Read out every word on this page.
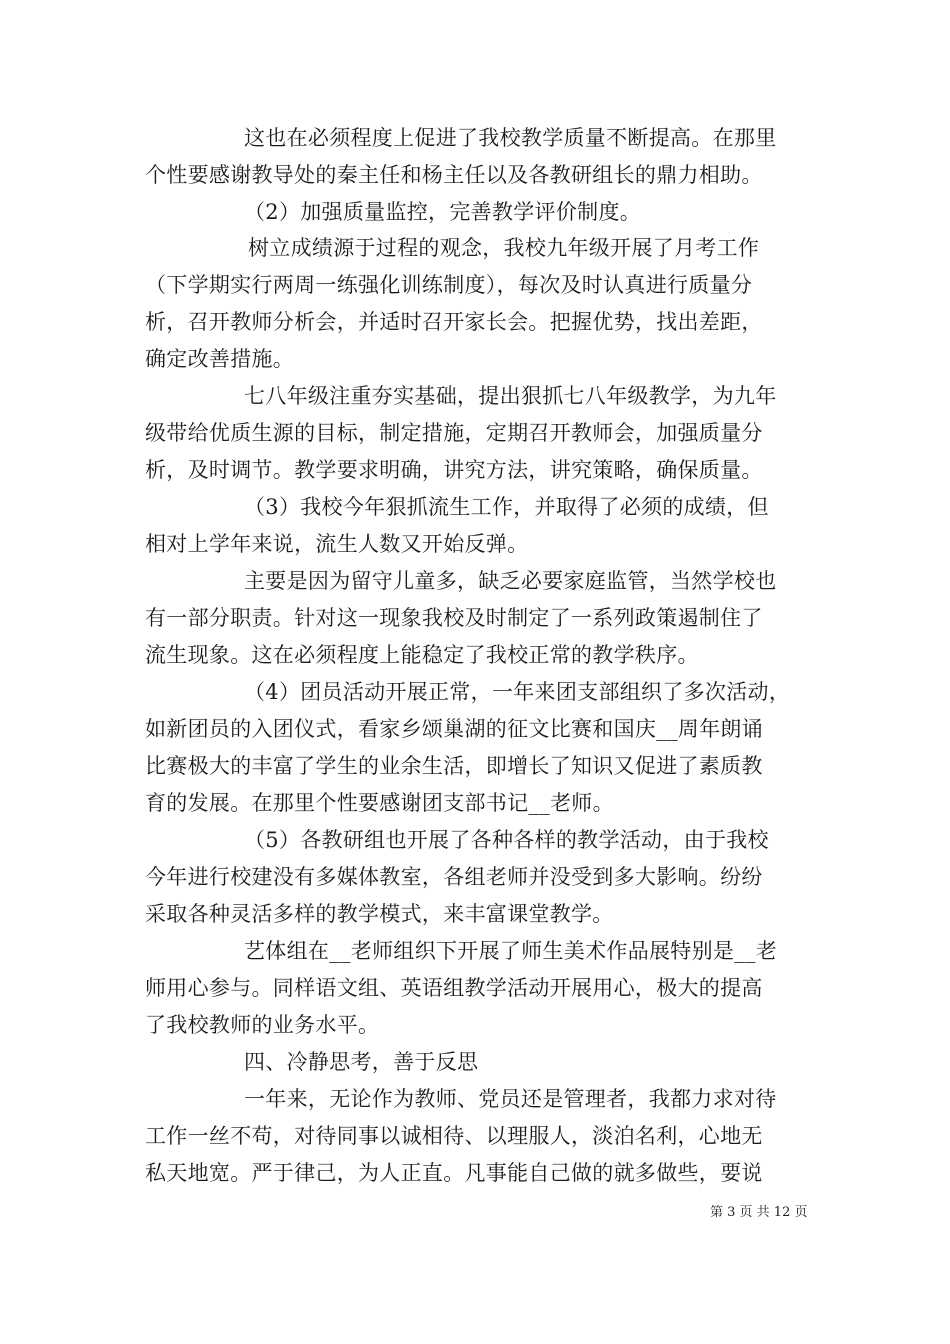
这也在必须程度上促进了我校教学质量不断提高。在那里
个性要感谢教导处的秦主任和杨主任以及各教研组长的鼎力相助。
（2）加强质量监控，完善教学评价制度。
树立成绩源于过程的观念，我校九年级开展了月考工作
（下学期实行两周一练强化训练制度），每次及时认真进行质量分
析，召开教师分析会，并适时召开家长会。把握优势，找出差距，
确定改善措施。
七八年级注重夯实基础，提出狠抓七八年级教学，为九年
级带给优质生源的目标，制定措施，定期召开教师会，加强质量分
析，及时调节。教学要求明确，讲究方法，讲究策略，确保质量。
（3）我校今年狠抓流生工作，并取得了必须的成绩，但
相对上学年来说，流生人数又开始反弹。
主要是因为留守儿童多，缺乏必要家庭监管，当然学校也
有一部分职责。针对这一现象我校及时制定了一系列政策遏制住了
流生现象。这在必须程度上能稳定了我校正常的教学秩序。
（4）团员活动开展正常，一年来团支部组织了多次活动，
如新团员的入团仪式，看家乡颂巢湖的征文比赛和国庆__周年朗诵
比赛极大的丰富了学生的业余生活，即增长了知识又促进了素质教
育的发展。在那里个性要感谢团支部书记__老师。
（5）各教研组也开展了各种各样的教学活动，由于我校
今年进行校建没有多媒体教室，各组老师并没受到多大影响。纷纷
采取各种灵活多样的教学模式，来丰富课堂教学。
艺体组在__老师组织下开展了师生美术作品展特别是__老
师用心参与。同样语文组、英语组教学活动开展用心，极大的提高
了我校教师的业务水平。
四、冷静思考，善于反思
一年来，无论作为教师、党员还是管理者，我都力求对待
工作一丝不苟，对待同事以诚相待、以理服人，淡泊名利，心地无
私天地宽。严于律己，为人正直。凡事能自己做的就多做些，要说
第 3 页 共 12 页
